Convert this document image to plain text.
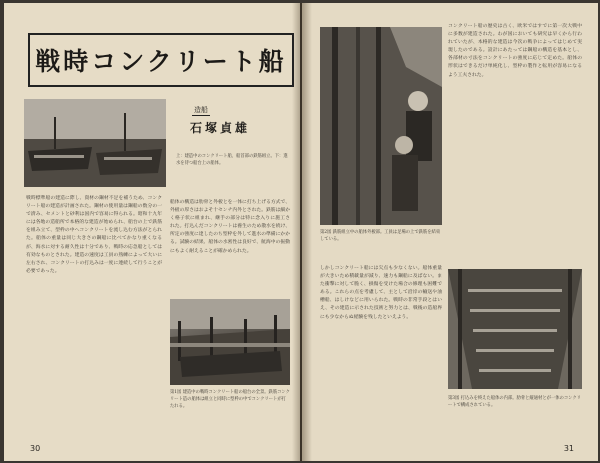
戦時コンクリート船
造船
石塚貞雄
上：建造中のコンクリート船、船首部の鉄筋組立。下：進水を待つ船台上の船体。
戦時標準船の建造に際し、資材の鋼材不足を補うため、コンクリート船の建造が計画された。鋼材の使用量は鋼船の数分の一で済み、セメントと砂利は国内で容易に得られる。昭和十九年には各地の造船所で本格的な建造が始められ、船台の上で鉄筋を組み立て、型枠の中へコンクリートを流し込む方法がとられた。船体の重量は同じ大きさの鋼船に比べてかなり重くなるが、海水に対する耐久性は十分であり、戦時の応急船としては有効なものとされた。建造の速度は工員の熟練によって大いに左右され、コンクリートの打込みは一度に連続して行うことが必要であった。
船体の構造は肋骨と外板とを一体に打ち上げる方式で、外板の厚さはおよそ十センチ内外とされた。鉄筋は細かく格子状に組まれ、継手の部分は特に念入りに施工された。打込んだコンクリートは養生のため散水を続け、所定の強度に達したのち型枠を外して進水の準備にかかる。試験の結果、船体の水密性は良好で、航海中の振動にもよく耐えることが確かめられた。
第1図 建造中の戦時コンクリート船の船台の全景。鉄筋コンクリート造の船体は組立と同時に型枠の中でコンクリートが打たれる。
30
第2図 鉄筋組立中の船体外板部。工員は足場の上で鉄筋を結束している。
コンクリート船の歴史は古く、欧米ではすでに第一次大戦中に多数が建造された。わが国においても研究は早くから行われていたが、本格的な建造は今次の戦争によってはじめて実現したのである。設計にあたっては鋼船の構造を基本とし、各部材の寸法をコンクリートの強度に応じて定めた。船体の形状はできるだけ単純化し、型枠の製作と転用が容易になるよう工夫された。
しかしコンクリート船には欠点も少なくない。船体重量が大きいため積載量が減り、速力も鋼船に及ばない。また衝撃に対して脆く、損傷を受けた場合の修理も困難である。これらの点を考慮して、主として沿岸の輸送や油槽船、はしけなどに用いられた。戦時の非常手段とはいえ、その建造に示された技術と努力とは、戦後の造船界にも少なからぬ経験を残したといえよう。
第3図 打込みを終えた船体の内部。肋骨と縦通材とが一体のコンクリートで構成されている。
31
